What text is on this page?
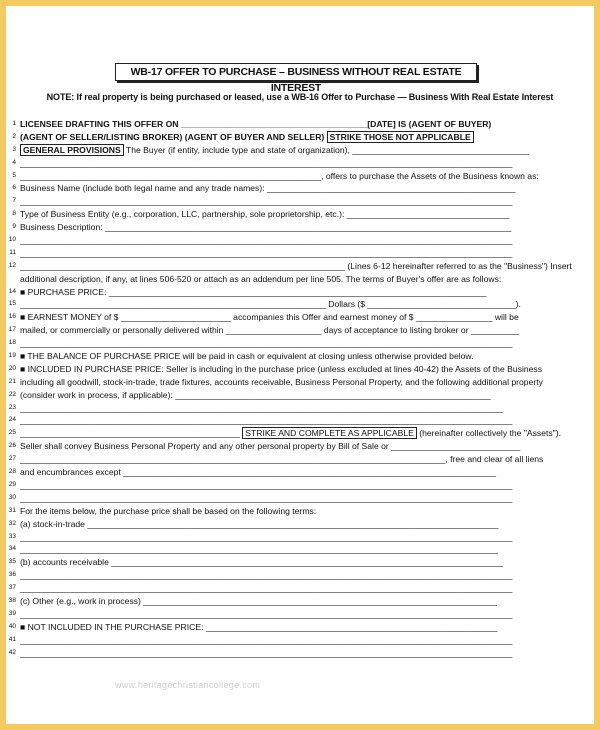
WB-17 OFFER TO PURCHASE – BUSINESS WITHOUT REAL ESTATE INTEREST
NOTE: If real property is being purchased or leased, use a WB-16 Offer to Purchase — Business With Real Estate Interest
1 LICENSEE DRAFTING THIS OFFER ON _______________________________________[DATE] IS (AGENT OF BUYER)
2 (AGENT OF SELLER/LISTING BROKER) (AGENT OF BUYER AND SELLER) STRIKE THOSE NOT APPLICABLE
3 GENERAL PROVISIONS The Buyer (if entity, include type and state of organization), _____________________________________
4 _______________________________________________________________________________________________________
5 _______________________________________________________________, offers to purchase the Assets of the Business known as:
6 Business Name (include both legal name and any trade names): ____________________________________________________
7 _______________________________________________________________________________________________________
8 Type of Business Entity (e.g., corporation, LLC, partnership, sole proprietorship, etc.): __________________________________
9 Business Description: _____________________________________________________________________________________
10 _______________________________________________________________________________________________________
11 _______________________________________________________________________________________________________
12 ____________________________________________________________________ (Lines 6-12 hereinafter referred to as the "Business") Insert
additional description, if any, at lines 506-520 or attach as an addendum per line 505. The terms of Buyer's offer are as follows:
14 ■ PURCHASE PRICE: _______________________________________________________________________________
15 ________________________________________________________________ Dollars ($ _______________________________).
16 ■ EARNEST MONEY of $ _______________________ accompanies this Offer and earnest money of $ ________________ will be
17 mailed, or commercially or personally delivered within ____________________ days of acceptance to listing broker or __________
18 _______________________________________________________________________________________________________
19 ■ THE BALANCE OF PURCHASE PRICE will be paid in cash or equivalent at closing unless otherwise provided below.
20 ■ INCLUDED IN PURCHASE PRICE: Seller is including in the purchase price (unless excluded at lines 40-42) the Assets of the Business
21 including all goodwill, stock-in-trade, trade fixtures, accounts receivable, Business Personal Property, and the following additional property
22 (consider work in process, if applicable): __________________________________________________________________
23 _____________________________________________________________________________________________________
24 _______________________________________________________________________________________________________
25 ______________________________________________ STRIKE AND COMPLETE AS APPLICABLE (hereinafter collectively the "Assets").
26 Seller shall convey Business Personal Property and any other personal property by Bill of Sale or ___________________________
27 _________________________________________________________________________________________, free and clear of all liens
28 and encumbrances except ______________________________________________________________________________
29 _______________________________________________________________________________________________________
30 _______________________________________________________________________________________________________
31 For the items below, the purchase price shall be based on the following terms:
32 (a) stock-in-trade ______________________________________________________________________________________
33 _______________________________________________________________________________________________________
34 ____________________________________________________________________________________________________
35 (b) accounts receivable __________________________________________________________________________________
36 _______________________________________________________________________________________________________
37 _______________________________________________________________________________________________________
38 (c) Other (e.g., work in process) __________________________________________________________________________
39 _______________________________________________________________________________________________________
40 ■ NOT INCLUDED IN THE PURCHASE PRICE: _____________________________________________________________
41 _______________________________________________________________________________________________________
42 _______________________________________________________________________________________________________
www.heritagechristiancollege.com
